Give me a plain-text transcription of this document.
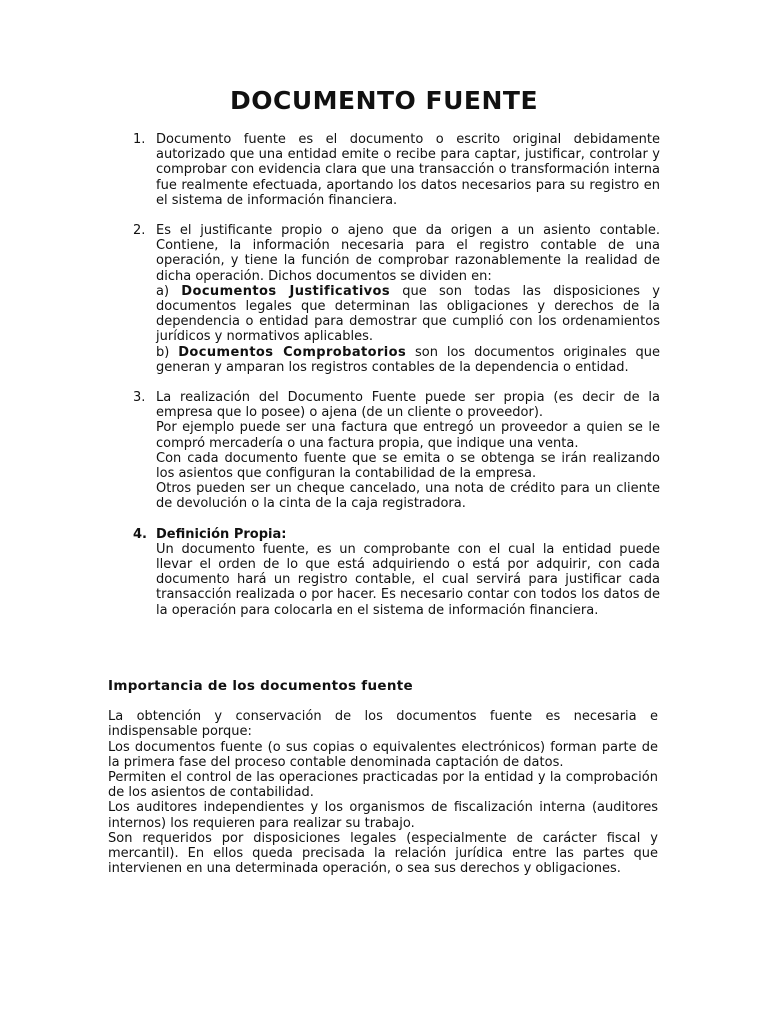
DOCUMENTO FUENTE
1. Documento fuente es el documento o escrito original debidamente autorizado que una entidad emite o recibe para captar, justificar, controlar y comprobar con evidencia clara que una transacción o transformación interna fue realmente efectuada, aportando los datos necesarios para su registro en el sistema de información financiera.

2. Es el justificante propio o ajeno que da origen a un asiento contable. Contiene, la información necesaria para el registro contable de una operación, y tiene la función de comprobar razonablemente la realidad de dicha operación. Dichos documentos se dividen en:

a) Documentos Justificativos que son todas las disposiciones y documentos legales que determinan las obligaciones y derechos de la dependencia o entidad para demostrar que cumplió con los ordenamientos jurídicos y normativos aplicables.

b) Documentos Comprobatorios son los documentos originales que generan y amparan los registros contables de la dependencia o entidad.

3. La realización del Documento Fuente puede ser propia (es decir de la empresa que lo posee) o ajena (de un cliente o proveedor).

Por ejemplo puede ser una factura que entregó un proveedor a quien se le compró mercadería o una factura propia, que indique una venta.

Con cada documento fuente que se emita o se obtenga se irán realizando los asientos que configuran la contabilidad de la empresa.

Otros pueden ser un cheque cancelado, una nota de crédito para un cliente de devolución o la cinta de la caja registradora.

4. Definición Propia:

Un documento fuente, es un comprobante con el cual la entidad puede llevar el orden de lo que está adquiriendo o está por adquirir, con cada documento hará un registro contable, el cual servirá para justificar cada transacción realizada o por hacer. Es necesario contar con todos los datos de la operación para colocarla en el sistema de información financiera.

Importancia de los documentos fuente

La obtención y conservación de los documentos fuente es necesaria e indispensable porque:

Los documentos fuente (o sus copias o equivalentes electrónicos) forman parte de la primera fase del proceso contable denominada captación de datos.

Permiten el control de las operaciones practicadas por la entidad y la comprobación de los asientos de contabilidad.

Los auditores independientes y los organismos de fiscalización interna (auditores internos) los requieren para realizar su trabajo.

Son requeridos por disposiciones legales (especialmente de carácter fiscal y mercantil). En ellos queda precisada la relación jurídica entre las partes que intervienen en una determinada operación, o sea sus derechos y obligaciones.
